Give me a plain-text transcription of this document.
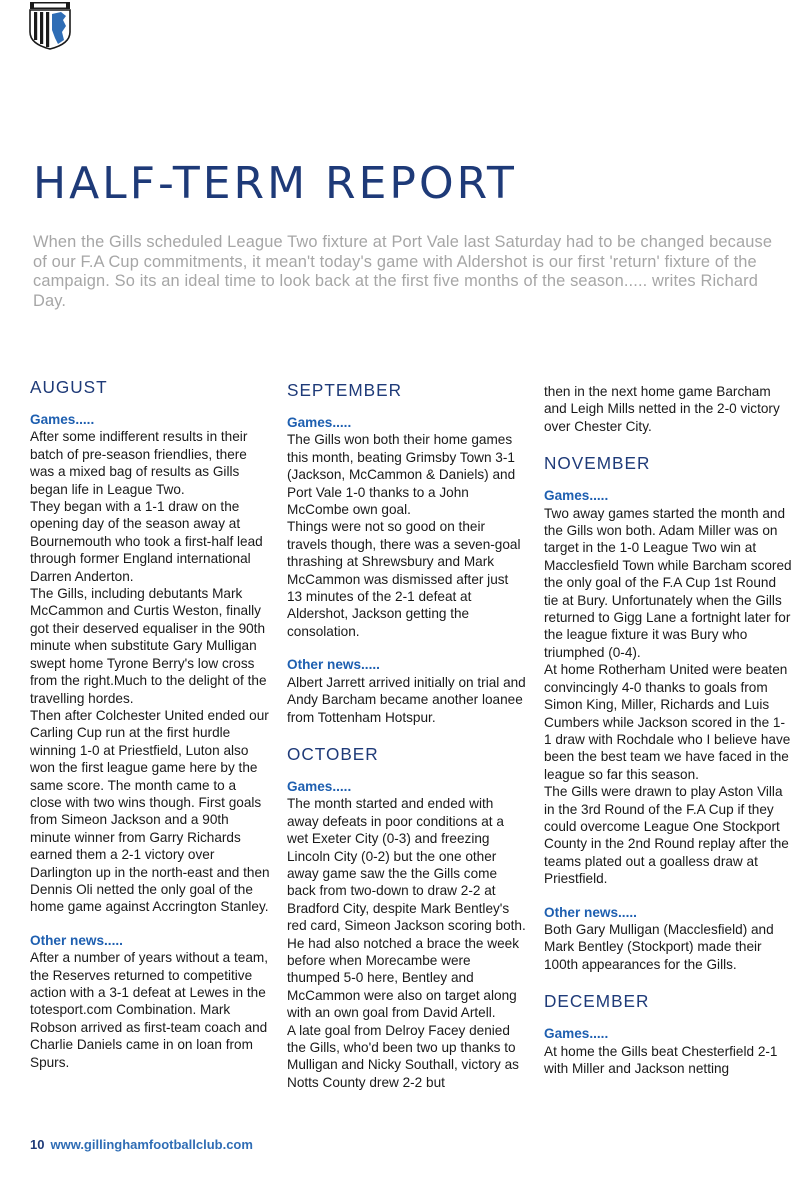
HALF-TERM REPORT

When the Gills scheduled League Two fixture at Port Vale last Saturday had to be changed because of our F.A Cup commitments, it mean't today's game with Aldershot is our first 'return' fixture of the campaign. So its an ideal time to look back at the first five months of the season..... writes Richard Day.

AUGUST
Games.....

After some indifferent results in their batch of pre-season friendlies, there was a mixed bag of results as Gills began life in League Two.

They began with a 1-1 draw on the opening day of the season away at Bournemouth who took a first-half lead through former England international Darren Anderton.

The Gills, including debutants Mark McCammon and Curtis Weston, finally got their deserved equaliser in the 90th minute when substitute Gary Mulligan swept home Tyrone Berry's low cross from the right.Much to the delight of the travelling hordes.

Then after Colchester United ended our Carling Cup run at the first hurdle winning 1-0 at Priestfield, Luton also won the first league game here by the same score. The month came to a close with two wins though. First goals from Simeon Jackson and a 90th minute winner from Garry Richards earned them a 2-1 victory over Darlington up in the north-east and then Dennis Oli netted the only goal of the home game against Accrington Stanley.

Other news.....

After a number of years without a team, the Reserves returned to competitive action with a 3-1 defeat at Lewes in the totesport.com Combination. Mark Robson arrived as first-team coach and Charlie Daniels came in on loan from Spurs.

SEPTEMBER
Games.....

The Gills won both their home games this month, beating Grimsby Town 3-1 (Jackson, McCammon & Daniels) and Port Vale 1-0 thanks to a John McCombe own goal.

Things were not so good on their travels though, there was a seven-goal thrashing at Shrewsbury and Mark McCammon was dismissed after just 13 minutes of the 2-1 defeat at Aldershot, Jackson getting the consolation.

Other news.....

Albert Jarrett arrived initially on trial and Andy Barcham became another loanee from Tottenham Hotspur.

OCTOBER
Games.....

The month started and ended with away defeats in poor conditions at a wet Exeter City (0-3) and freezing Lincoln City (0-2) but the one other away game saw the the Gills come back from two-down to draw 2-2 at Bradford City, despite Mark Bentley's red card, Simeon Jackson scoring both. He had also notched a brace the week before when Morecambe were thumped 5-0 here, Bentley and McCammon were also on target along with an own goal from David Artell.

A late goal from Delroy Facey denied the Gills, who'd been two up thanks to Mulligan and Nicky Southall, victory as Notts County drew 2-2 but

then in the next home game Barcham and Leigh Mills netted in the 2-0 victory over Chester City.

NOVEMBER
Games.....

Two away games started the month and the Gills won both. Adam Miller was on target in the 1-0 League Two win at Macclesfield Town while Barcham scored the only goal of the F.A Cup 1st Round tie at Bury. Unfortunately when the Gills returned to Gigg Lane a fortnight later for the league fixture it was Bury who triumphed (0-4).

At home Rotherham United were beaten convincingly 4-0 thanks to goals from Simon King, Miller, Richards and Luis Cumbers while Jackson scored in the 1-1 draw with Rochdale who I believe have been the best team we have faced in the league so far this season.

The Gills were drawn to play Aston Villa in the 3rd Round of the F.A Cup if they could overcome League One Stockport County in the 2nd Round replay after the teams plated out a goalless draw at Priestfield.

Other news.....

Both Gary Mulligan (Macclesfield) and Mark Bentley (Stockport) made their 100th appearances for the Gills.

DECEMBER
Games.....

At home the Gills beat Chesterfield 2-1 with Miller and Jackson netting

10 www.gillinghamfootballclub.com
